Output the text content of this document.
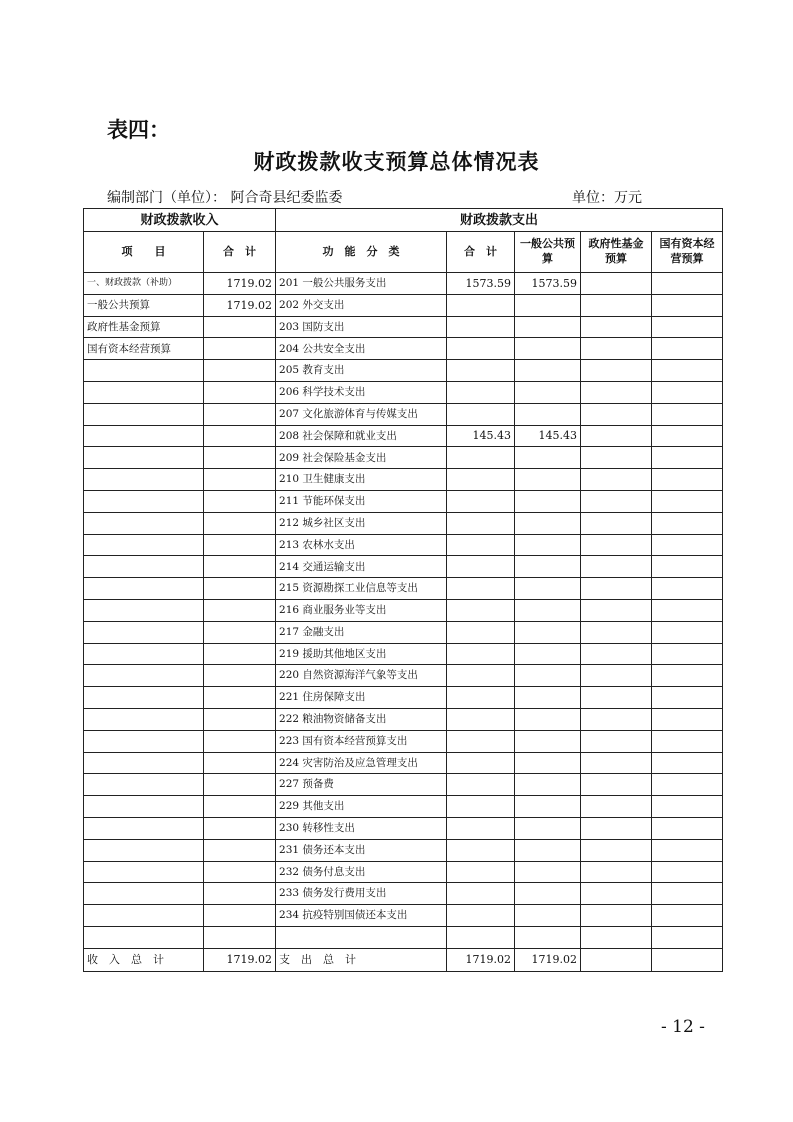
表四：
财政拨款收支预算总体情况表
编制部门（单位）： 阿合奇县纪委监委	单位：万元
财政拨款收入		财政拨款支出				
项　　目	合　计	功　能　分　类	合　计	一般公共预算	政府性基金预算	国有资本经营预算
一、财政拨款（补助）	1719.02	201 一般公共服务支出	1573.59	1573.59		
一般公共预算	1719.02	202 外交支出				
政府性基金预算		203 国防支出				
国有资本经营预算		204 公共安全支出				
		205 教育支出				
		206 科学技术支出				
		207 文化旅游体育与传媒支出				
		208 社会保障和就业支出	145.43	145.43		
		209 社会保险基金支出				
		210 卫生健康支出				
		211 节能环保支出				
		212 城乡社区支出				
		213 农林水支出				
		214 交通运输支出				
		215 资源勘探工业信息等支出				
		216 商业服务业等支出				
		217 金融支出				
		219 援助其他地区支出				
		220 自然资源海洋气象等支出				
		221 住房保障支出				
		222 粮油物资储备支出				
		223 国有资本经营预算支出				
		224 灾害防治及应急管理支出				
		227 预备费				
		229 其他支出				
		230 转移性支出				
		231 债务还本支出				
		232 债务付息支出				
		233 债务发行费用支出				
		234 抗疫特别国债还本支出				

收　入　总　计	1719.02	支　出　总　计	1719.02	1719.02		
- 12 -
